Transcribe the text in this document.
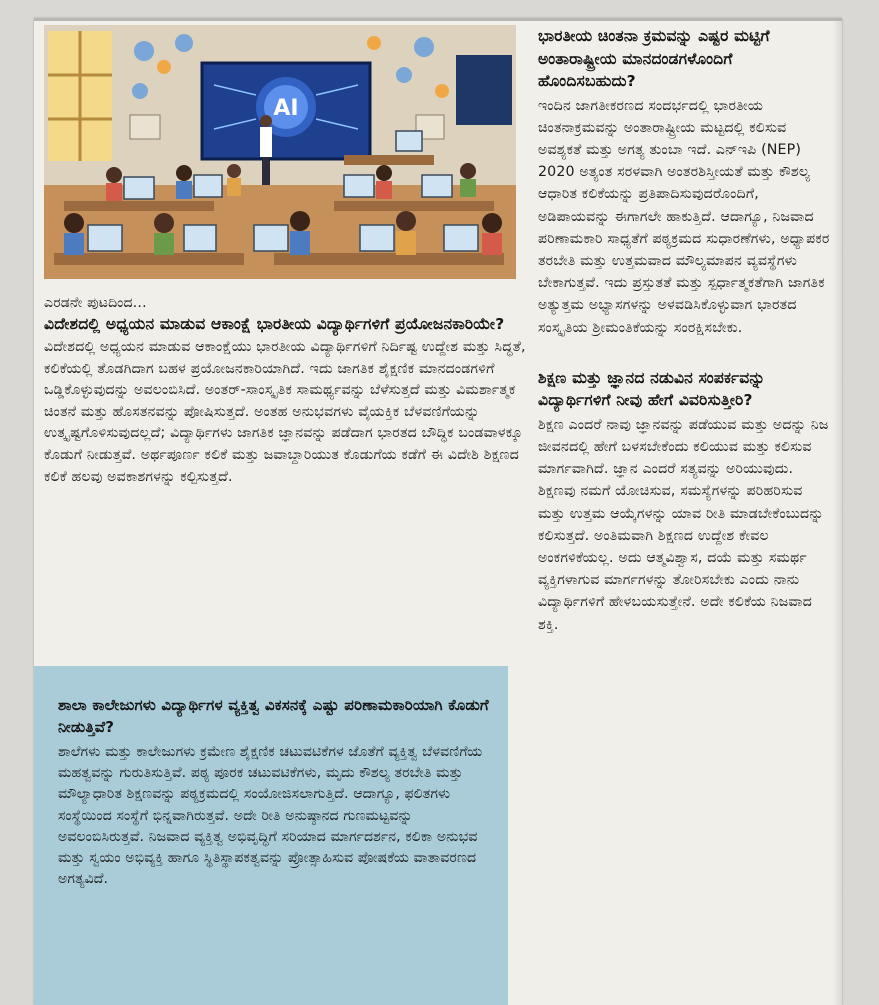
AI
ಎರಡನೇ ಪುಟದಿಂದ...
ವಿದೇಶದಲ್ಲಿ ಅಧ್ಯಯನ ಮಾಡುವ ಆಕಾಂಕ್ಷೆ ಭಾರತೀಯ ವಿದ್ಯಾರ್ಥಿಗಳಿಗೆ ಪ್ರಯೋಜನಕಾರಿಯೇ?

ವಿದೇಶದಲ್ಲಿ ಅಧ್ಯಯನ ಮಾಡುವ ಆಕಾಂಕ್ಷೆಯು ಭಾರತೀಯ ವಿದ್ಯಾರ್ಥಿಗಳಿಗೆ ನಿರ್ದಿಷ್ಟ ಉದ್ದೇಶ ಮತ್ತು ಸಿದ್ಧತೆ, ಕಲಿಕೆಯಲ್ಲಿ ತೊಡಗಿದಾಗ ಬಹಳ ಪ್ರಯೋಜನಕಾರಿಯಾಗಿದೆ. ಇದು ಜಾಗತಿಕ ಶೈಕ್ಷಣಿಕ ಮಾನದಂಡಗಳಿಗೆ ಒಡ್ಡಿಕೊಳ್ಳುವುದನ್ನು ಅವಲಂಬಿಸಿದೆ. ಅಂತರ್-ಸಾಂಸ್ಕೃತಿಕ ಸಾಮರ್ಥ್ಯವನ್ನು ಬೆಳೆಸುತ್ತದೆ ಮತ್ತು ವಿಮರ್ಶಾತ್ಮಕ ಚಿಂತನೆ ಮತ್ತು ಹೊಸತನವನ್ನು ಪೋಷಿಸುತ್ತದೆ. ಅಂತಹ ಅನುಭವಗಳು ವೈಯಕ್ತಿಕ ಬೆಳವಣಿಗೆಯನ್ನು ಉತ್ಕೃಷ್ಟಗೊಳಿಸುವುದಲ್ಲದೆ; ವಿದ್ಯಾರ್ಥಿಗಳು ಜಾಗತಿಕ ಜ್ಞಾನವನ್ನು ಪಡೆದಾಗ ಭಾರತದ ಬೌದ್ಧಿಕ ಬಂಡವಾಳಕ್ಕೂ ಕೊಡುಗೆ ನೀಡುತ್ತವೆ. ಅರ್ಥಪೂರ್ಣ ಕಲಿಕೆ ಮತ್ತು ಜವಾಬ್ದಾರಿಯುತ ಕೊಡುಗೆಯ ಕಡೆಗೆ ಈ ವಿದೇಶಿ ಶಿಕ್ಷಣದ ಕಲಿಕೆ ಹಲವು ಅವಕಾಶಗಳನ್ನು ಕಲ್ಪಿಸುತ್ತದೆ.

ಶಾಲಾ ಕಾಲೇಜುಗಳು ವಿದ್ಯಾರ್ಥಿಗಳ ವ್ಯಕ್ತಿತ್ವ ವಿಕಸನಕ್ಕೆ ಎಷ್ಟು ಪರಿಣಾಮಕಾರಿಯಾಗಿ ಕೊಡುಗೆ ನೀಡುತ್ತಿವೆ?

ಶಾಲೆಗಳು ಮತ್ತು ಕಾಲೇಜುಗಳು ಕ್ರಮೇಣ ಶೈಕ್ಷಣಿಕ ಚಟುವಟಿಕೆಗಳ ಜೊತೆಗೆ ವ್ಯಕ್ತಿತ್ವ ಬೆಳವಣಿಗೆಯ ಮಹತ್ವವನ್ನು ಗುರುತಿಸುತ್ತಿವೆ. ಪಠ್ಯ ಪೂರಕ ಚಟುವಟಿಕೆಗಳು, ಮೃದು ಕೌಶಲ್ಯ ತರಬೇತಿ ಮತ್ತು ಮೌಲ್ಯಾಧಾರಿತ ಶಿಕ್ಷಣವನ್ನು ಪಠ್ಯಕ್ರಮದಲ್ಲಿ ಸಂಯೋಜಿಸಲಾಗುತ್ತಿದೆ. ಆದಾಗ್ಯೂ, ಫಲಿತಗಳು ಸಂಸ್ಥೆಯಿಂದ ಸಂಸ್ಥೆಗೆ ಭಿನ್ನವಾಗಿರುತ್ತವೆ. ಅದೇ ರೀತಿ ಅನುಷ್ಠಾನದ ಗುಣಮಟ್ಟವನ್ನು ಅವಲಂಬಿಸಿರುತ್ತವೆ. ನಿಜವಾದ ವ್ಯಕ್ತಿತ್ವ ಅಭಿವೃದ್ಧಿಗೆ ಸರಿಯಾದ ಮಾರ್ಗದರ್ಶನ, ಕಲಿಕಾ ಅನುಭವ ಮತ್ತು ಸ್ವಯಂ ಅಭಿವ್ಯಕ್ತಿ ಹಾಗೂ ಸ್ಥಿತಿಸ್ಥಾಪಕತ್ವವನ್ನು ಪ್ರೋತ್ಸಾಹಿಸುವ ಪೋಷಕೆಯ ವಾತಾವರಣದ ಅಗತ್ಯವಿದೆ.

ಭಾರತೀಯ ಚಿಂತನಾ ಕ್ರಮವನ್ನು ಎಷ್ಟರ ಮಟ್ಟಿಗೆ ಅಂತಾರಾಷ್ಟ್ರೀಯ ಮಾನದಂಡಗಳೊಂದಿಗೆ ಹೊಂದಿಸಬಹುದು?

ಇಂದಿನ ಜಾಗತೀಕರಣದ ಸಂದರ್ಭದಲ್ಲಿ ಭಾರತೀಯ ಚಿಂತನಾಕ್ರಮವನ್ನು ಅಂತಾರಾಷ್ಟ್ರೀಯ ಮಟ್ಟದಲ್ಲಿ ಕಲಿಸುವ ಅವಶ್ಯಕತೆ ಮತ್ತು ಅಗತ್ಯ ತುಂಬಾ ಇದೆ. ಎನ್‌ಇಪಿ (NEP) 2020 ಅತ್ಯಂತ ಸರಳವಾಗಿ ಅಂತರಶಿಸ್ತೀಯತೆ ಮತ್ತು ಕೌಶಲ್ಯ ಆಧಾರಿತ ಕಲಿಕೆಯನ್ನು ಪ್ರತಿಪಾದಿಸುವುದರೊಂದಿಗೆ, ಅಡಿಪಾಯವನ್ನು ಈಗಾಗಲೇ ಹಾಕುತ್ತಿದೆ. ಆದಾಗ್ಯೂ, ನಿಜವಾದ ಪರಿಣಾಮಕಾರಿ ಸಾಧ್ಯತೆಗೆ ಪಠ್ಯಕ್ರಮದ ಸುಧಾರಣೆಗಳು, ಅಧ್ಯಾಪಕರ ತರಬೇತಿ ಮತ್ತು ಉತ್ತಮವಾದ ಮೌಲ್ಯಮಾಪನ ವ್ಯವಸ್ಥೆಗಳು ಬೇಕಾಗುತ್ತವೆ. ಇದು ಪ್ರಸ್ತುತತೆ ಮತ್ತು ಸ್ಪರ್ಧಾತ್ಮಕತೆಗಾಗಿ ಜಾಗತಿಕ ಅತ್ಯುತ್ತಮ ಅಭ್ಯಾಸಗಳನ್ನು ಅಳವಡಿಸಿಕೊಳ್ಳುವಾಗ ಭಾರತದ ಸಂಸ್ಕೃತಿಯ ಶ್ರೀಮಂತಿಕೆಯನ್ನು ಸಂರಕ್ಷಿಸಬೇಕು.

ಶಿಕ್ಷಣ ಮತ್ತು ಜ್ಞಾನದ ನಡುವಿನ ಸಂಪರ್ಕವನ್ನು ವಿದ್ಯಾರ್ಥಿಗಳಿಗೆ ನೀವು ಹೇಗೆ ವಿವರಿಸುತ್ತೀರಿ?

ಶಿಕ್ಷಣ ಎಂದರೆ ನಾವು ಜ್ಞಾನವನ್ನು ಪಡೆಯುವ ಮತ್ತು ಅದನ್ನು ನಿಜ ಜೀವನದಲ್ಲಿ ಹೇಗೆ ಬಳಸಬೇಕೆಂದು ಕಲಿಯುವ ಮತ್ತು ಕಲಿಸುವ ಮಾರ್ಗವಾಗಿದೆ. ಜ್ಞಾನ ಎಂದರೆ ಸತ್ಯವನ್ನು ಅರಿಯುವುದು. ಶಿಕ್ಷಣವು ನಮಗೆ ಯೋಚಿಸುವ, ಸಮಸ್ಯೆಗಳನ್ನು ಪರಿಹರಿಸುವ ಮತ್ತು ಉತ್ತಮ ಆಯ್ಕೆಗಳನ್ನು ಯಾವ ರೀತಿ ಮಾಡಬೇಕೆಂಬುದನ್ನು ಕಲಿಸುತ್ತದೆ. ಅಂತಿಮವಾಗಿ ಶಿಕ್ಷಣದ ಉದ್ದೇಶ ಕೇವಲ ಅಂಕಗಳಿಕೆಯಲ್ಲ. ಅದು ಆತ್ಮವಿಶ್ವಾಸ, ದಯೆ ಮತ್ತು ಸಮರ್ಥ ವ್ಯಕ್ತಿಗಳಾಗುವ ಮಾರ್ಗಗಳನ್ನು ತೋರಿಸಬೇಕು ಎಂದು ನಾನು ವಿದ್ಯಾರ್ಥಿಗಳಿಗೆ ಹೇಳಬಯಸುತ್ತೇನೆ. ಅದೇ ಕಲಿಕೆಯ ನಿಜವಾದ ಶಕ್ತಿ.
